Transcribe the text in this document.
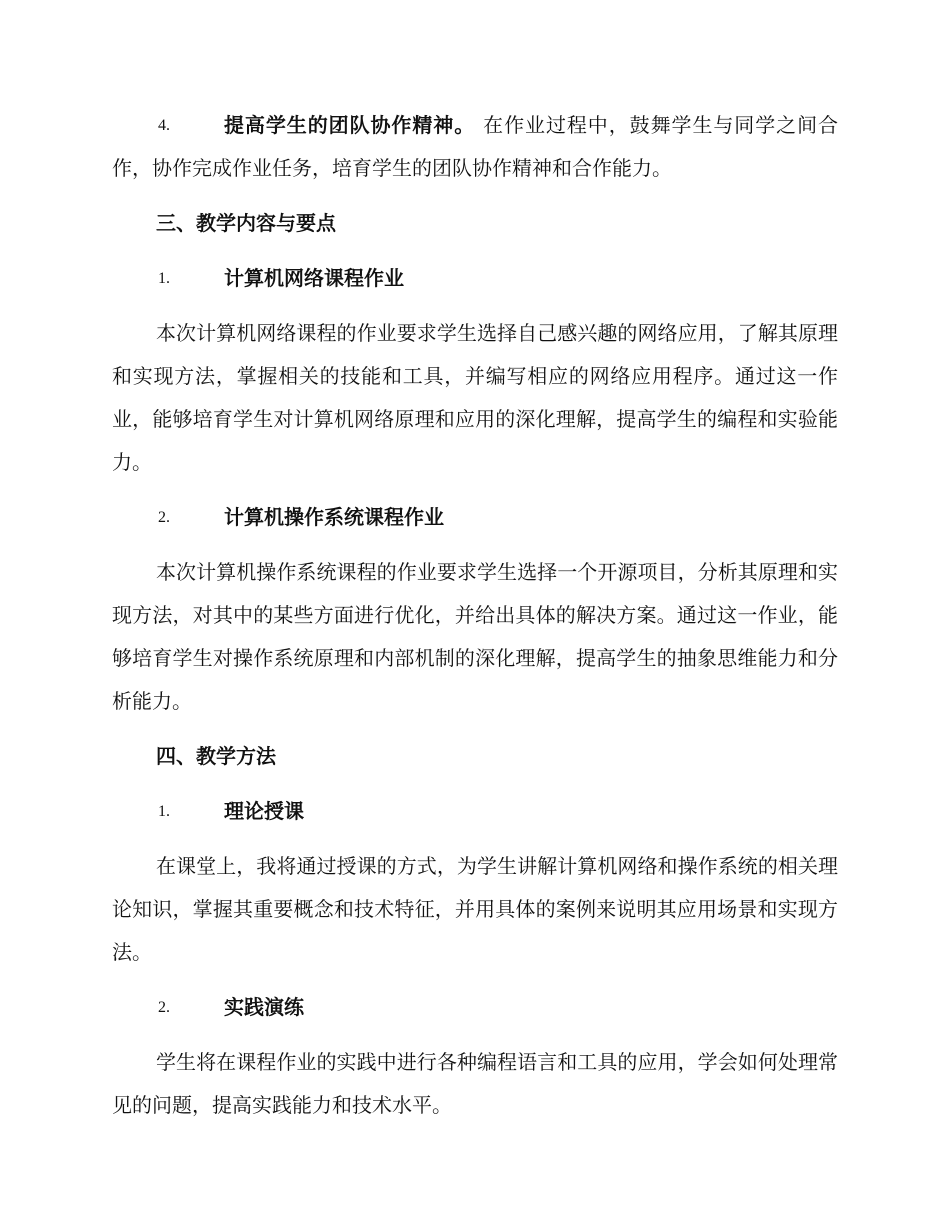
4.	提高学生的团队协作精神。 在作业过程中，鼓舞学生与同学之间合作，协作完成作业任务，培育学生的团队协作精神和合作能力。
三、教学内容与要点
1.	计算机网络课程作业

本次计算机网络课程的作业要求学生选择自己感兴趣的网络应用，了解其原理和实现方法，掌握相关的技能和工具，并编写相应的网络应用程序。通过这一作业，能够培育学生对计算机网络原理和应用的深化理解，提高学生的编程和实验能力。

2.	计算机操作系统课程作业

本次计算机操作系统课程的作业要求学生选择一个开源项目，分析其原理和实现方法，对其中的某些方面进行优化，并给出具体的解决方案。通过这一作业，能够培育学生对操作系统原理和内部机制的深化理解，提高学生的抽象思维能力和分析能力。

四、教学方法
1.	理论授课

在课堂上，我将通过授课的方式，为学生讲解计算机网络和操作系统的相关理论知识，掌握其重要概念和技术特征，并用具体的案例来说明其应用场景和实现方法。

2.	实践演练

学生将在课程作业的实践中进行各种编程语言和工具的应用，学会如何处理常见的问题，提高实践能力和技术水平。
